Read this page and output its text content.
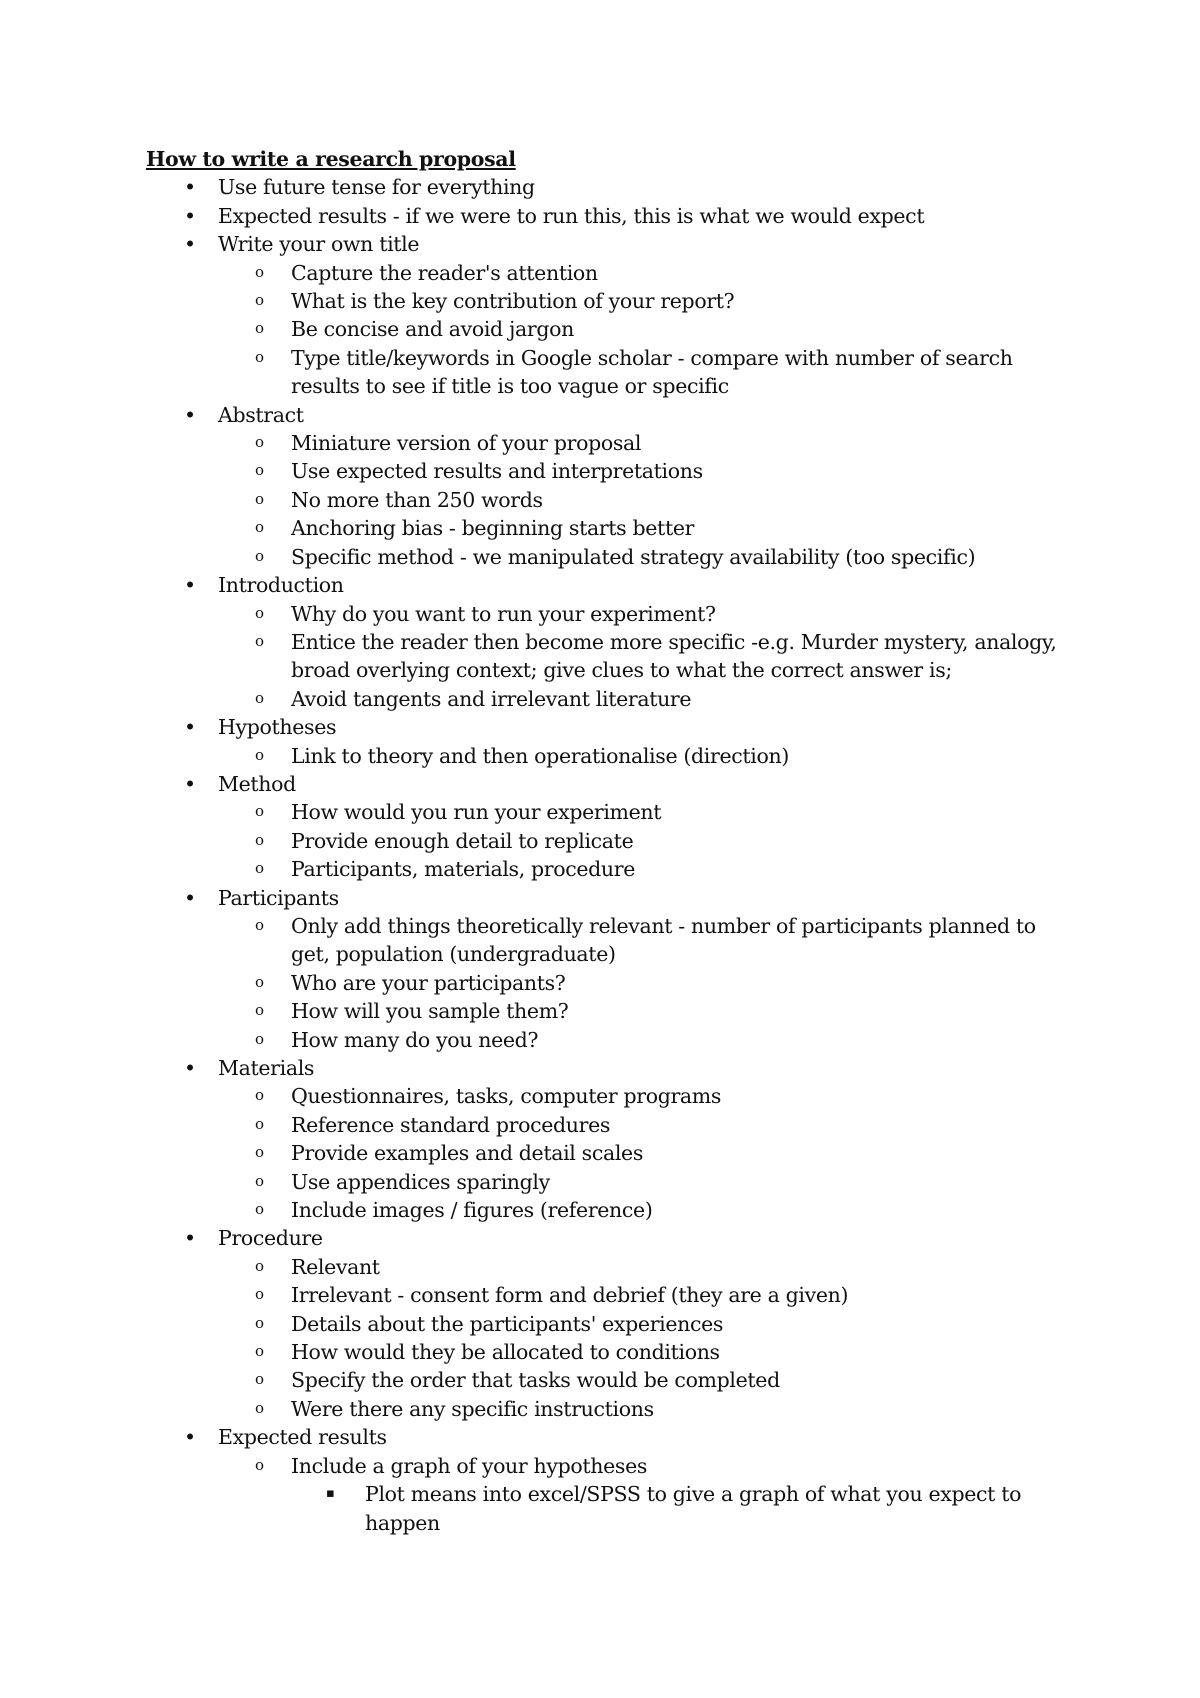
How to write a research proposal
•	Use future tense for everything
•	Expected results - if we were to run this, this is what we would expect
•	Write your own title
o	Capture the reader's attention
o	What is the key contribution of your report?
o	Be concise and avoid jargon
o	Type title/keywords in Google scholar - compare with number of search results to see if title is too vague or specific
•	Abstract
o	Miniature version of your proposal
o	Use expected results and interpretations
o	No more than 250 words
o	Anchoring bias - beginning starts better
o	Specific method - we manipulated strategy availability (too specific)
•	Introduction
o	Why do you want to run your experiment?
o	Entice the reader then become more specific -e.g. Murder mystery, analogy, broad overlying context; give clues to what the correct answer is;
o	Avoid tangents and irrelevant literature
•	Hypotheses
o	Link to theory and then operationalise (direction)
•	Method
o	How would you run your experiment
o	Provide enough detail to replicate
o	Participants, materials, procedure
•	Participants
o	Only add things theoretically relevant - number of participants planned to get, population (undergraduate)
o	Who are your participants?
o	How will you sample them?
o	How many do you need?
•	Materials
o	Questionnaires, tasks, computer programs
o	Reference standard procedures
o	Provide examples and detail scales
o	Use appendices sparingly
o	Include images / figures (reference)
•	Procedure
o	Relevant
o	Irrelevant - consent form and debrief (they are a given)
o	Details about the participants' experiences
o	How would they be allocated to conditions
o	Specify the order that tasks would be completed
o	Were there any specific instructions
•	Expected results
o	Include a graph of your hypotheses
▪	Plot means into excel/SPSS to give a graph of what you expect to happen
